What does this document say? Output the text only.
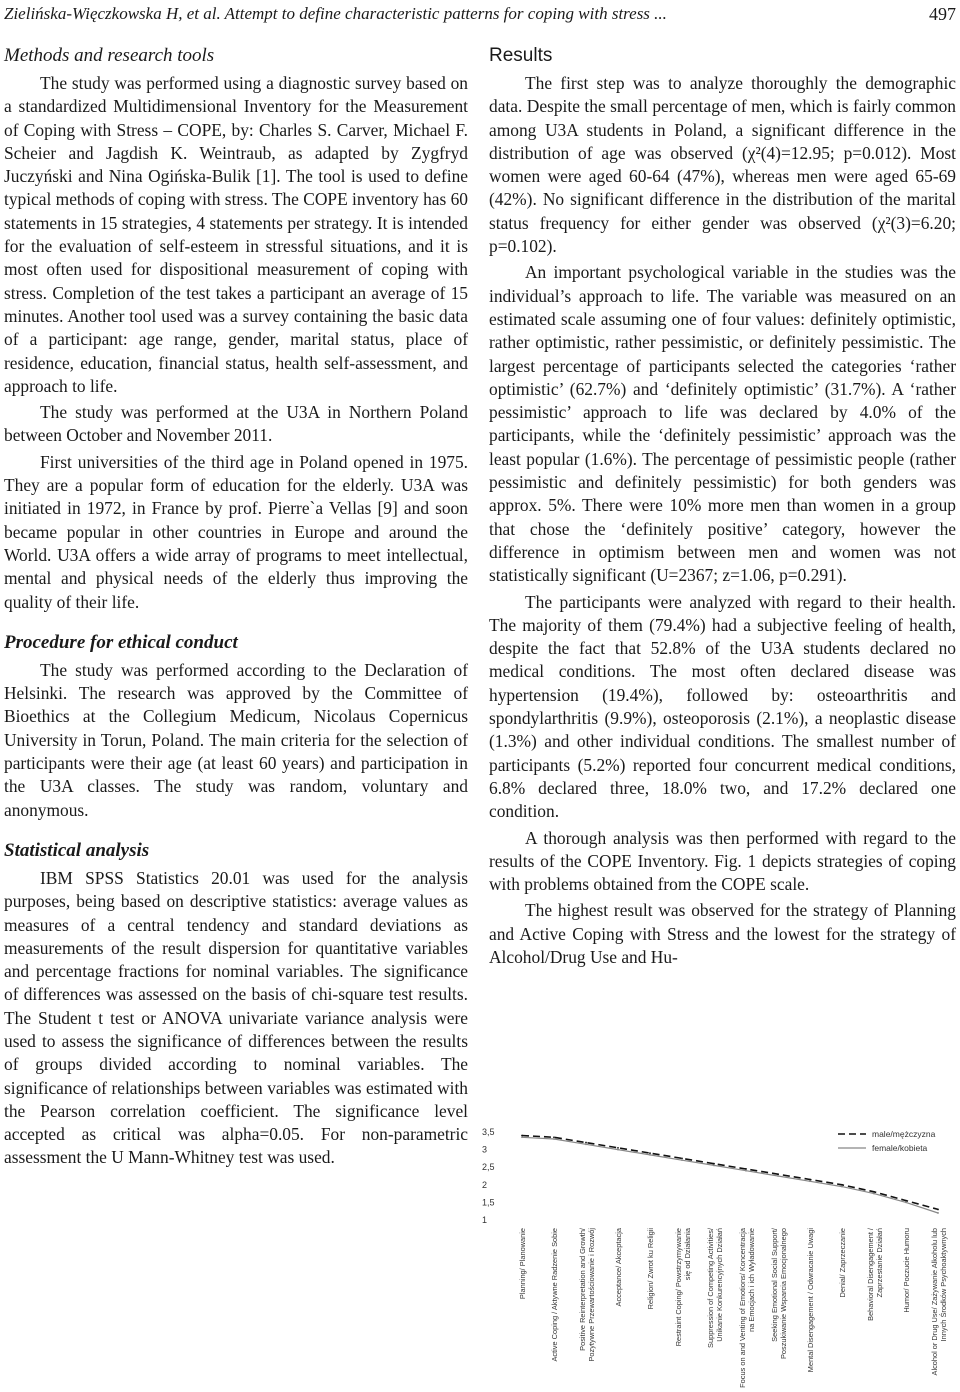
Zielińska-Więczkowska H, et al. Attempt to define characteristic patterns for coping with stress ...	497
Methods and research tools

The study was performed using a diagnostic survey based on a standardized Multidimensional Inventory for the Measurement of Coping with Stress – COPE, by: Charles S. Carver, Michael F. Scheier and Jagdish K. Weintraub, as adapted by Zygfryd Juczyński and Nina Ogińska-Bulik [1]. The tool is used to define typical methods of coping with stress. The COPE inventory has 60 statements in 15 strategies, 4 statements per strategy. It is intended for the evaluation of self-esteem in stressful situations, and it is most often used for dispositional measurement of coping with stress. Completion of the test takes a participant an average of 15 minutes. Another tool used was a survey containing the basic data of a participant: age range, gender, marital status, place of residence, education, financial status, health self-assessment, and approach to life.

The study was performed at the U3A in Northern Poland between October and November 2011.

First universities of the third age in Poland opened in 1975. They are a popular form of education for the elderly. U3A was initiated in 1972, in France by prof. Pierre`a Vellas [9] and soon became popular in other countries in Europe and around the World. U3A offers a wide array of programs to meet intellectual, mental and physical needs of the elderly thus improving the quality of their life.

Procedure for ethical conduct

The study was performed according to the Declaration of Helsinki. The research was approved by the Committee of Bioethics at the Collegium Medicum, Nicolaus Copernicus University in Torun, Poland. The main criteria for the selection of participants were their age (at least 60 years) and participation in the U3A classes. The study was random, voluntary and anonymous.

Statistical analysis

IBM SPSS Statistics 20.01 was used for the analysis purposes, being based on descriptive statistics: average values as measures of a central tendency and standard deviations as measurements of the result dispersion for quantitative variables and percentage fractions for nominal variables. The significance of differences was assessed on the basis of chi-square test results. The Student t test or ANOVA univariate variance analysis were used to assess the significance of differences between the results of groups divided according to nominal variables. The significance of relationships between variables was estimated with the Pearson correlation coefficient. The significance level accepted as critical was alpha=0.05. For non-parametric assessment the U Mann-Whitney test was used.

Results

The first step was to analyze thoroughly the demographic data. Despite the small percentage of men, which is fairly common among U3A students in Poland, a significant difference in the distribution of age was observed (χ²(4)=12.95; p=0.012). Most women were aged 60-64 (47%), whereas men were aged 65-69 (42%). No significant difference in the distribution of the marital status frequency for either gender was observed (χ²(3)=6.20; p=0.102).

An important psychological variable in the studies was the individual’s approach to life. The variable was measured on an estimated scale assuming one of four values: definitely optimistic, rather optimistic, rather pessimistic, or definitely pessimistic. The largest percentage of participants selected the categories ‘rather optimistic’ (62.7%) and ‘definitely optimistic’ (31.7%). A ‘rather pessimistic’ approach to life was declared by 4.0% of the participants, while the ‘definitely pessimistic’ approach was the least popular (1.6%). The percentage of pessimistic people (rather pessimistic and definitely pessimistic) for both genders was approx. 5%. There were 10% more men than women in a group that chose the ‘definitely positive’ category, however the difference in optimism between men and women was not statistically significant (U=2367; z=1.06, p=0.291).

The participants were analyzed with regard to their health. The majority of them (79.4%) had a subjective feeling of health, despite the fact that 52.8% of the U3A students declared no medical conditions. The most often declared disease was hypertension (19.4%), followed by: osteoarthritis and spondylarthritis (9.9%), osteoporosis (2.1%), a neoplastic disease (1.3%) and other individual conditions. The smallest number of participants (5.2%) reported four concurrent medical conditions, 6.8% declared three, 18.0% two, and 17.2% declared one condition.

A thorough analysis was then performed with regard to the results of the COPE Inventory. Fig. 1 depicts strategies of coping with problems obtained from the COPE scale.

The highest result was observed for the strategy of Planning and Active Coping with Stress and the lowest for the strategy of Alcohol/Drug Use and Hu-

3,5
3
2,5
2
1,5
1
male/mężczyzna
female/kobieta
Planning/ Planowanie	Active Coping / Aktywne Radzenie Sobie	Positive Reinterpretation and Growth/Pozytywne Przewartościowanie i Rozwój Acceptance/ Akceptacja	Religion/ Zwrot ku Religii	Restraint Coping/ Powstrzymywaniesię od Działania Suppression of Competing Activities/Unikanie Konkurencyjnych Działań Focus on and Venting of Emotions/ Koncentracjana Emocjach i ich Wyładowanie Seeking Emotional Social Support/Poszukiwanie Wsparcia Emocjonalnego Mental Disengagement / Odwracanie Uwagi	Denial/ Zaprzeczanie	Behavioral Disengagement /Zaprzestanie Działań Humor/ Poczucie Humoru	Alcohol or Drug Use/ Zażywanie Alkoholu lubInnych Środków Psychoaktywnych
